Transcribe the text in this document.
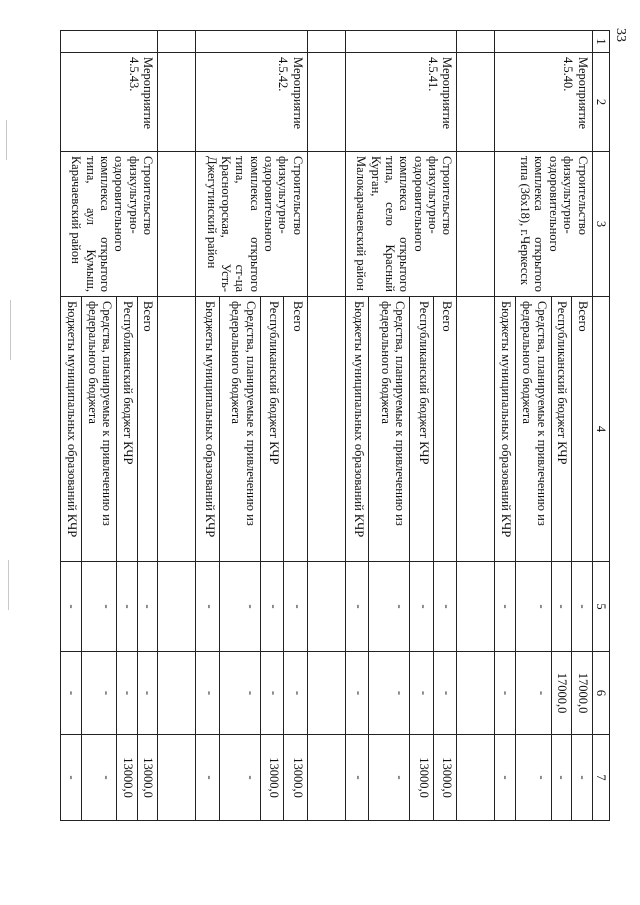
33
1	2	3	4	5	6	7
	Мероприятие 4.5.40.	Строительство физкультурно-оздоровительного комплекса открытого типа (36х18), г.Черкесск	Всего	-	17000,0	-
			Республиканский бюджет КЧР	-	17000,0	-
			Средства, планируемые к привлечению из федерального бюджета	-	-	-
			Бюджеты муниципальных образований КЧР	-	-	-

	Мероприятие 4.5.41.	Строительство физкультурно-оздоровительного комплекса открытого типа, село Красный Курган, Малокарачаевский район	Всего	-	-	13000,0
			Республиканский бюджет КЧР	-	-	13000,0
			Средства, планируемые к привлечению из федерального бюджета	-	-	-
			Бюджеты муниципальных образований КЧР	-	-	-

	Мероприятие 4.5.42.	Строительство физкультурно-оздоровительного комплекса открытого типа, ст-ца Красногорская, Усть-Джегутинский район	Всего	-	-	13000,0
			Республиканский бюджет КЧР	-	-	13000,0
			Средства, планируемые к привлечению из федерального бюджета	-	-	-
			Бюджеты муниципальных образований КЧР	-	-	-

	Мероприятие 4.5.43.	Строительство физкультурно-оздоровительного комплекса открытого типа, аул Кумыш, Карачаевский район	Всего	-	-	13000,0
			Республиканский бюджет КЧР	-	-	13000,0
			Средства, планируемые к привлечению из федерального бюджета	-	-	-
			Бюджеты муниципальных образований КЧР	-	-	-
